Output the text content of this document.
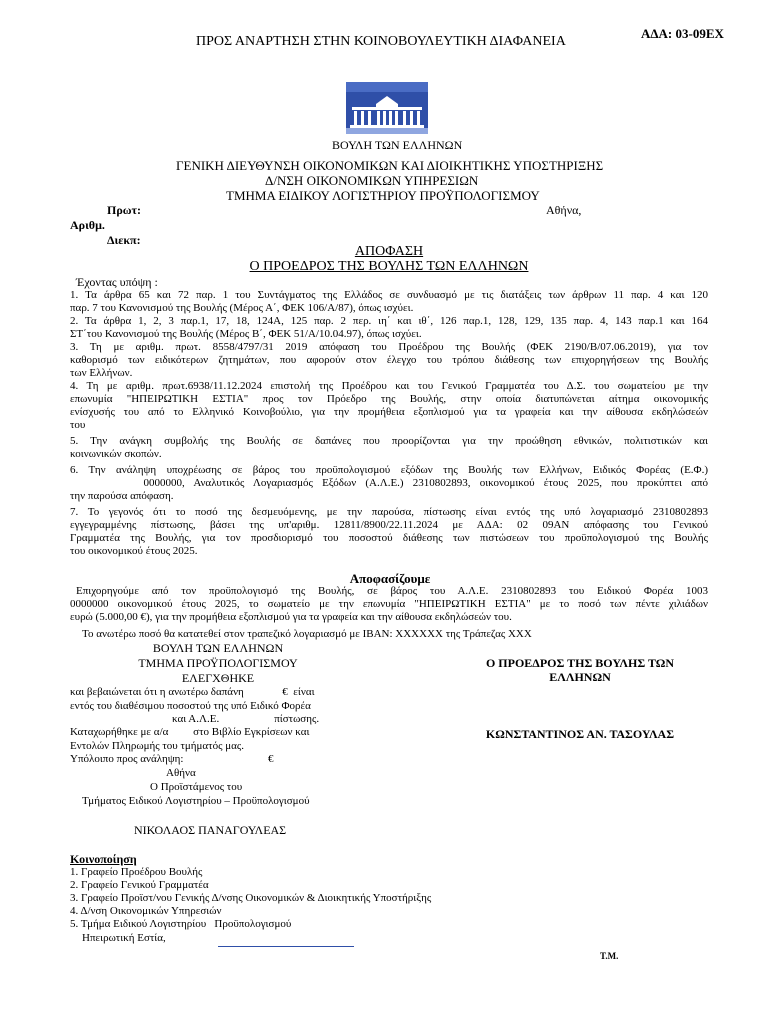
ΠΡΟΣ ΑΝΑΡΤΗΣΗ ΣΤΗΝ ΚΟΙΝΟΒΟΥΛΕΥΤΙΚΗ ΔΙΑΦΑΝΕΙΑ
ΑΔΑ: 03-09ΕΧ
ΒΟΥΛΗ ΤΩΝ ΕΛΛΗΝΩΝ
ΓΕΝΙΚΗ ΔΙΕΥΘΥΝΣΗ ΟΙΚΟΝΟΜΙΚΩΝ ΚΑΙ ΔΙΟΙΚΗΤΙΚΗΣ ΥΠΟΣΤΗΡΙΞΗΣ
Δ/ΝΣΗ ΟΙΚΟΝΟΜΙΚΩΝ ΥΠΗΡΕΣΙΩΝ
ΤΜΗΜΑ ΕΙΔΙΚΟΥ ΛΟΓΙΣΤΗΡΙΟΥ ΠΡΟΫΠΟΛΟΓΙΣΜΟΥ
Πρωτ:	Αθήνα,
Αριθμ.
Διεκπ:
ΑΠΟΦΑΣΗ
Ο ΠΡΟΕΔΡΟΣ ΤΗΣ ΒΟΥΛΗΣ ΤΩΝ ΕΛΛΗΝΩΝ
Έχοντας υπόψη :
1. Τα άρθρα 65 και 72 παρ. 1 του Συντάγματος της Ελλάδος σε συνδυασμό με τις διατάξεις των άρθρων 11 παρ. 4 και 120
παρ. 7 του Κανονισμού της Βουλής (Μέρος Α΄, ΦΕΚ 106/Α/87), όπως ισχύει.
2. Τα άρθρα 1, 2, 3 παρ.1, 17, 18, 124Α, 125 παρ. 2 περ. ιη΄ και ιθ΄, 126 παρ.1, 128, 129, 135 παρ. 4, 143 παρ.1 και 164
ΣΤ΄του Κανονισμού της Βουλής (Μέρος Β΄, ΦΕΚ 51/Α/10.04.97), όπως ισχύει.
3. Τη με αριθμ. πρωτ. 8558/4797/31 2019 απόφαση του Προέδρου της Βουλής (ΦΕΚ 2190/Β/07.06.2019), για τον
καθορισμό των ειδικότερων ζητημάτων, που αφορούν στον έλεγχο του τρόπου διάθεσης των επιχορηγήσεων της Βουλής
των Ελλήνων.
4. Τη με αριθμ. πρωτ.6938/11.12.2024 επιστολή της Προέδρου και του Γενικού Γραμματέα του Δ.Σ. του σωματείου με την
επωνυμία "ΗΠΕΙΡΩΤΙΚΗ ΕΣΤΙΑ" προς τον Πρόεδρο της Βουλής, στην οποία διατυπώνεται αίτημα οικονομικής
ενίσχυσής του από το Ελληνικό Κοινοβούλιο, για την προμήθεια εξοπλισμού για τα γραφεία και την αίθουσα εκδηλώσεών
του
5. Την ανάγκη συμβολής της Βουλής σε δαπάνες που προορίζονται για την προώθηση εθνικών, πολιτιστικών και
κοινωνικών σκοπών.
6. Την ανάληψη υποχρέωσης σε βάρος του προϋπολογισμού εξόδων της Βουλής των Ελλήνων, Ειδικός Φορέας (Ε.Φ.)
0000000, Αναλυτικός Λογαριασμός Εξόδων (Α.Λ.Ε.) 2310802893, οικονομικού έτους 2025, που προκύπτει από
την παρούσα απόφαση.
7. Το γεγονός ότι το ποσό της δεσμευόμενης, με την παρούσα, πίστωσης είναι εντός της υπό λογαριασμό 2310802893
εγγεγραμμένης πίστωσης, βάσει της υπ'αριθμ. 12811/8900/22.11.2024 με ΑΔΑ: 02 09ΑΝ απόφασης του Γενικού
Γραμματέα της Βουλής, για τον προσδιορισμό του ποσοστού διάθεσης των πιστώσεων του προϋπολογισμού της Βουλής
του οικονομικού έτους 2025.
Αποφασίζουμε
Επιχορηγούμε από τον προϋπολογισμό της Βουλής, σε βάρος του Α.Λ.Ε. 2310802893 του Ειδικού Φορέα 1003
0000000 οικονομικού έτους 2025, το σωματείο με την επωνυμία "ΗΠΕΙΡΩΤΙΚΗ ΕΣΤΙΑ" με το ποσό των πέντε χιλιάδων
ευρώ (5.000,00 €), για την προμήθεια εξοπλισμού για τα γραφεία και την αίθουσα εκδηλώσεών του.
Το ανωτέρω ποσό θα κατατεθεί στον τραπεζικό λογαριασμό με IBAN: XXXXXX της Τράπεζας XXX
ΒΟΥΛΗ ΤΩΝ ΕΛΛΗΝΩΝ
ΤΜΗΜΑ ΠΡΟΫΠΟΛΟΓΙΣΜΟΥ
ΕΛΕΓΧΘΗΚΕ
και βεβαιώνεται ότι η ανωτέρω δαπάνη              €  είναι
εντός του διαθέσιμου ποσοστού της υπό Ειδικό Φορέα
και Α.Λ.Ε.                    πίστωσης.
Καταχωρήθηκε με α/α         στο Βιβλίο Εγκρίσεων και
Εντολών Πληρωμής του τμήματός μας.
Υπόλοιπο προς ανάληψη:	€
Αθήνα
Ο Προϊστάμενος του
Τμήματος Ειδικού Λογιστηρίου – Προϋπολογισμού
ΝΙΚΟΛΑΟΣ ΠΑΝΑΓΟΥΛΕΑΣ
Ο ΠΡΟΕΔΡΟΣ ΤΗΣ ΒΟΥΛΗΣ ΤΩΝ
ΕΛΛΗΝΩΝ
ΚΩΝΣΤΑΝΤΙΝΟΣ ΑΝ. ΤΑΣΟΥΛΑΣ
Κοινοποίηση
1. Γραφείο Προέδρου Βουλής
2. Γραφείο Γενικού Γραμματέα
3. Γραφείο Προϊστ/νου Γενικής Δ/νσης Οικονομικών & Διοικητικής Υποστήριξης
4. Δ/νση Οικονομικών Υπηρεσιών
5. Τμήμα Ειδικού Λογιστηρίου   Προϋπολογισμού
Ηπειρωτική Εστία,
Τ.Μ.
